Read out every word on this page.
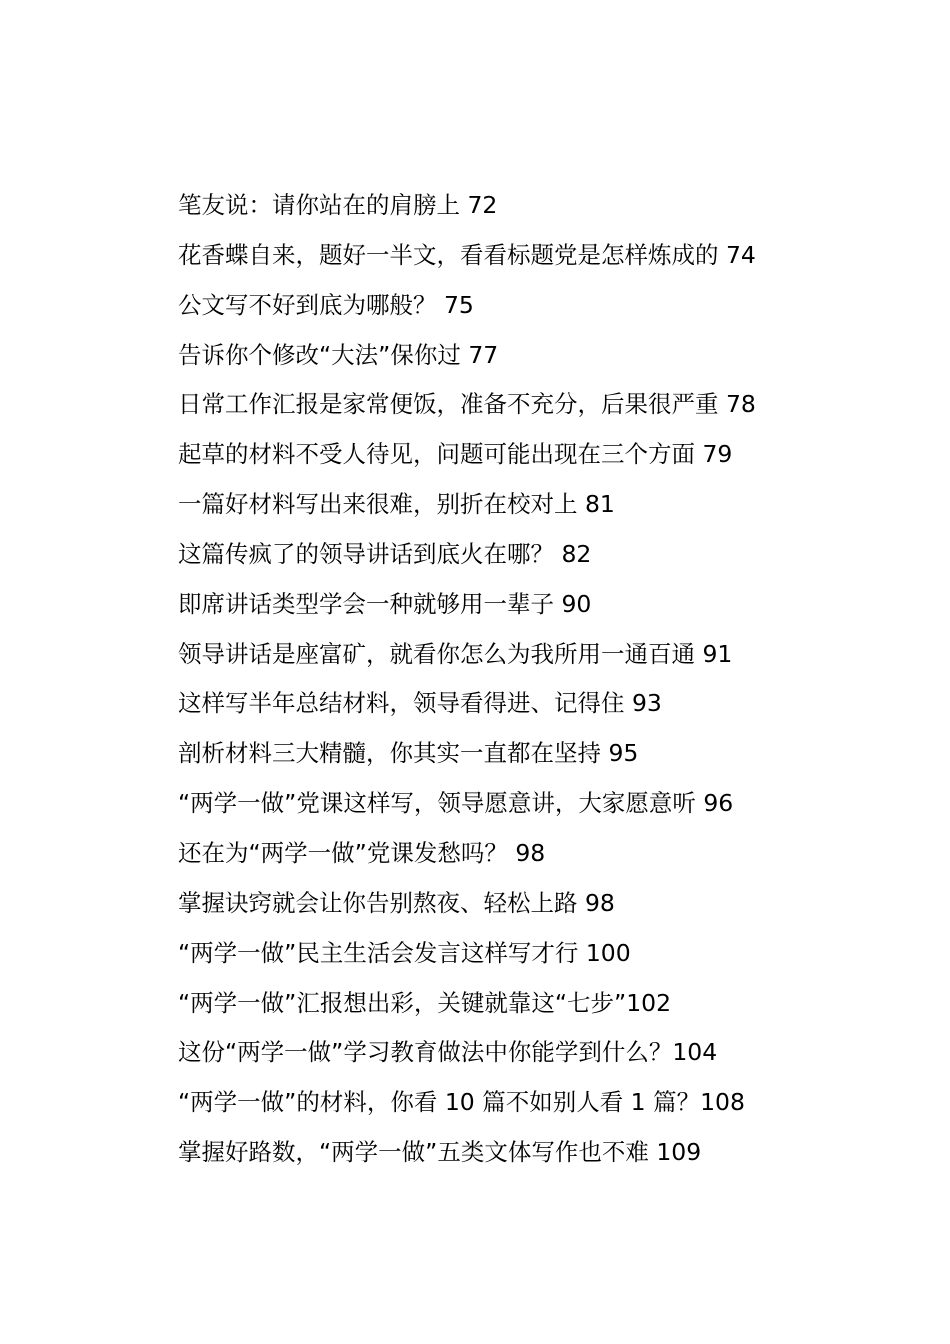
笔友说：请你站在的肩膀上 72
花香蝶自来，题好一半文，看看标题党是怎样炼成的 74
公文写不好到底为哪般？ 75
告诉你个修改“大法”保你过 77
日常工作汇报是家常便饭，准备不充分，后果很严重 78
起草的材料不受人待见，问题可能出现在三个方面 79
一篇好材料写出来很难，别折在校对上 81
这篇传疯了的领导讲话到底火在哪？ 82
即席讲话类型学会一种就够用一辈子 90
领导讲话是座富矿，就看你怎么为我所用一通百通 91
这样写半年总结材料，领导看得进、记得住 93
剖析材料三大精髓，你其实一直都在坚持 95
“两学一做”党课这样写，领导愿意讲，大家愿意听 96
还在为“两学一做”党课发愁吗？ 98
掌握诀窍就会让你告别熬夜、轻松上路 98
“两学一做”民主生活会发言这样写才行 100
“两学一做”汇报想出彩，关键就靠这“七步”102
这份“两学一做”学习教育做法中你能学到什么？104
“两学一做”的材料，你看 10 篇不如别人看 1 篇？108
掌握好路数，“两学一做”五类文体写作也不难 109
